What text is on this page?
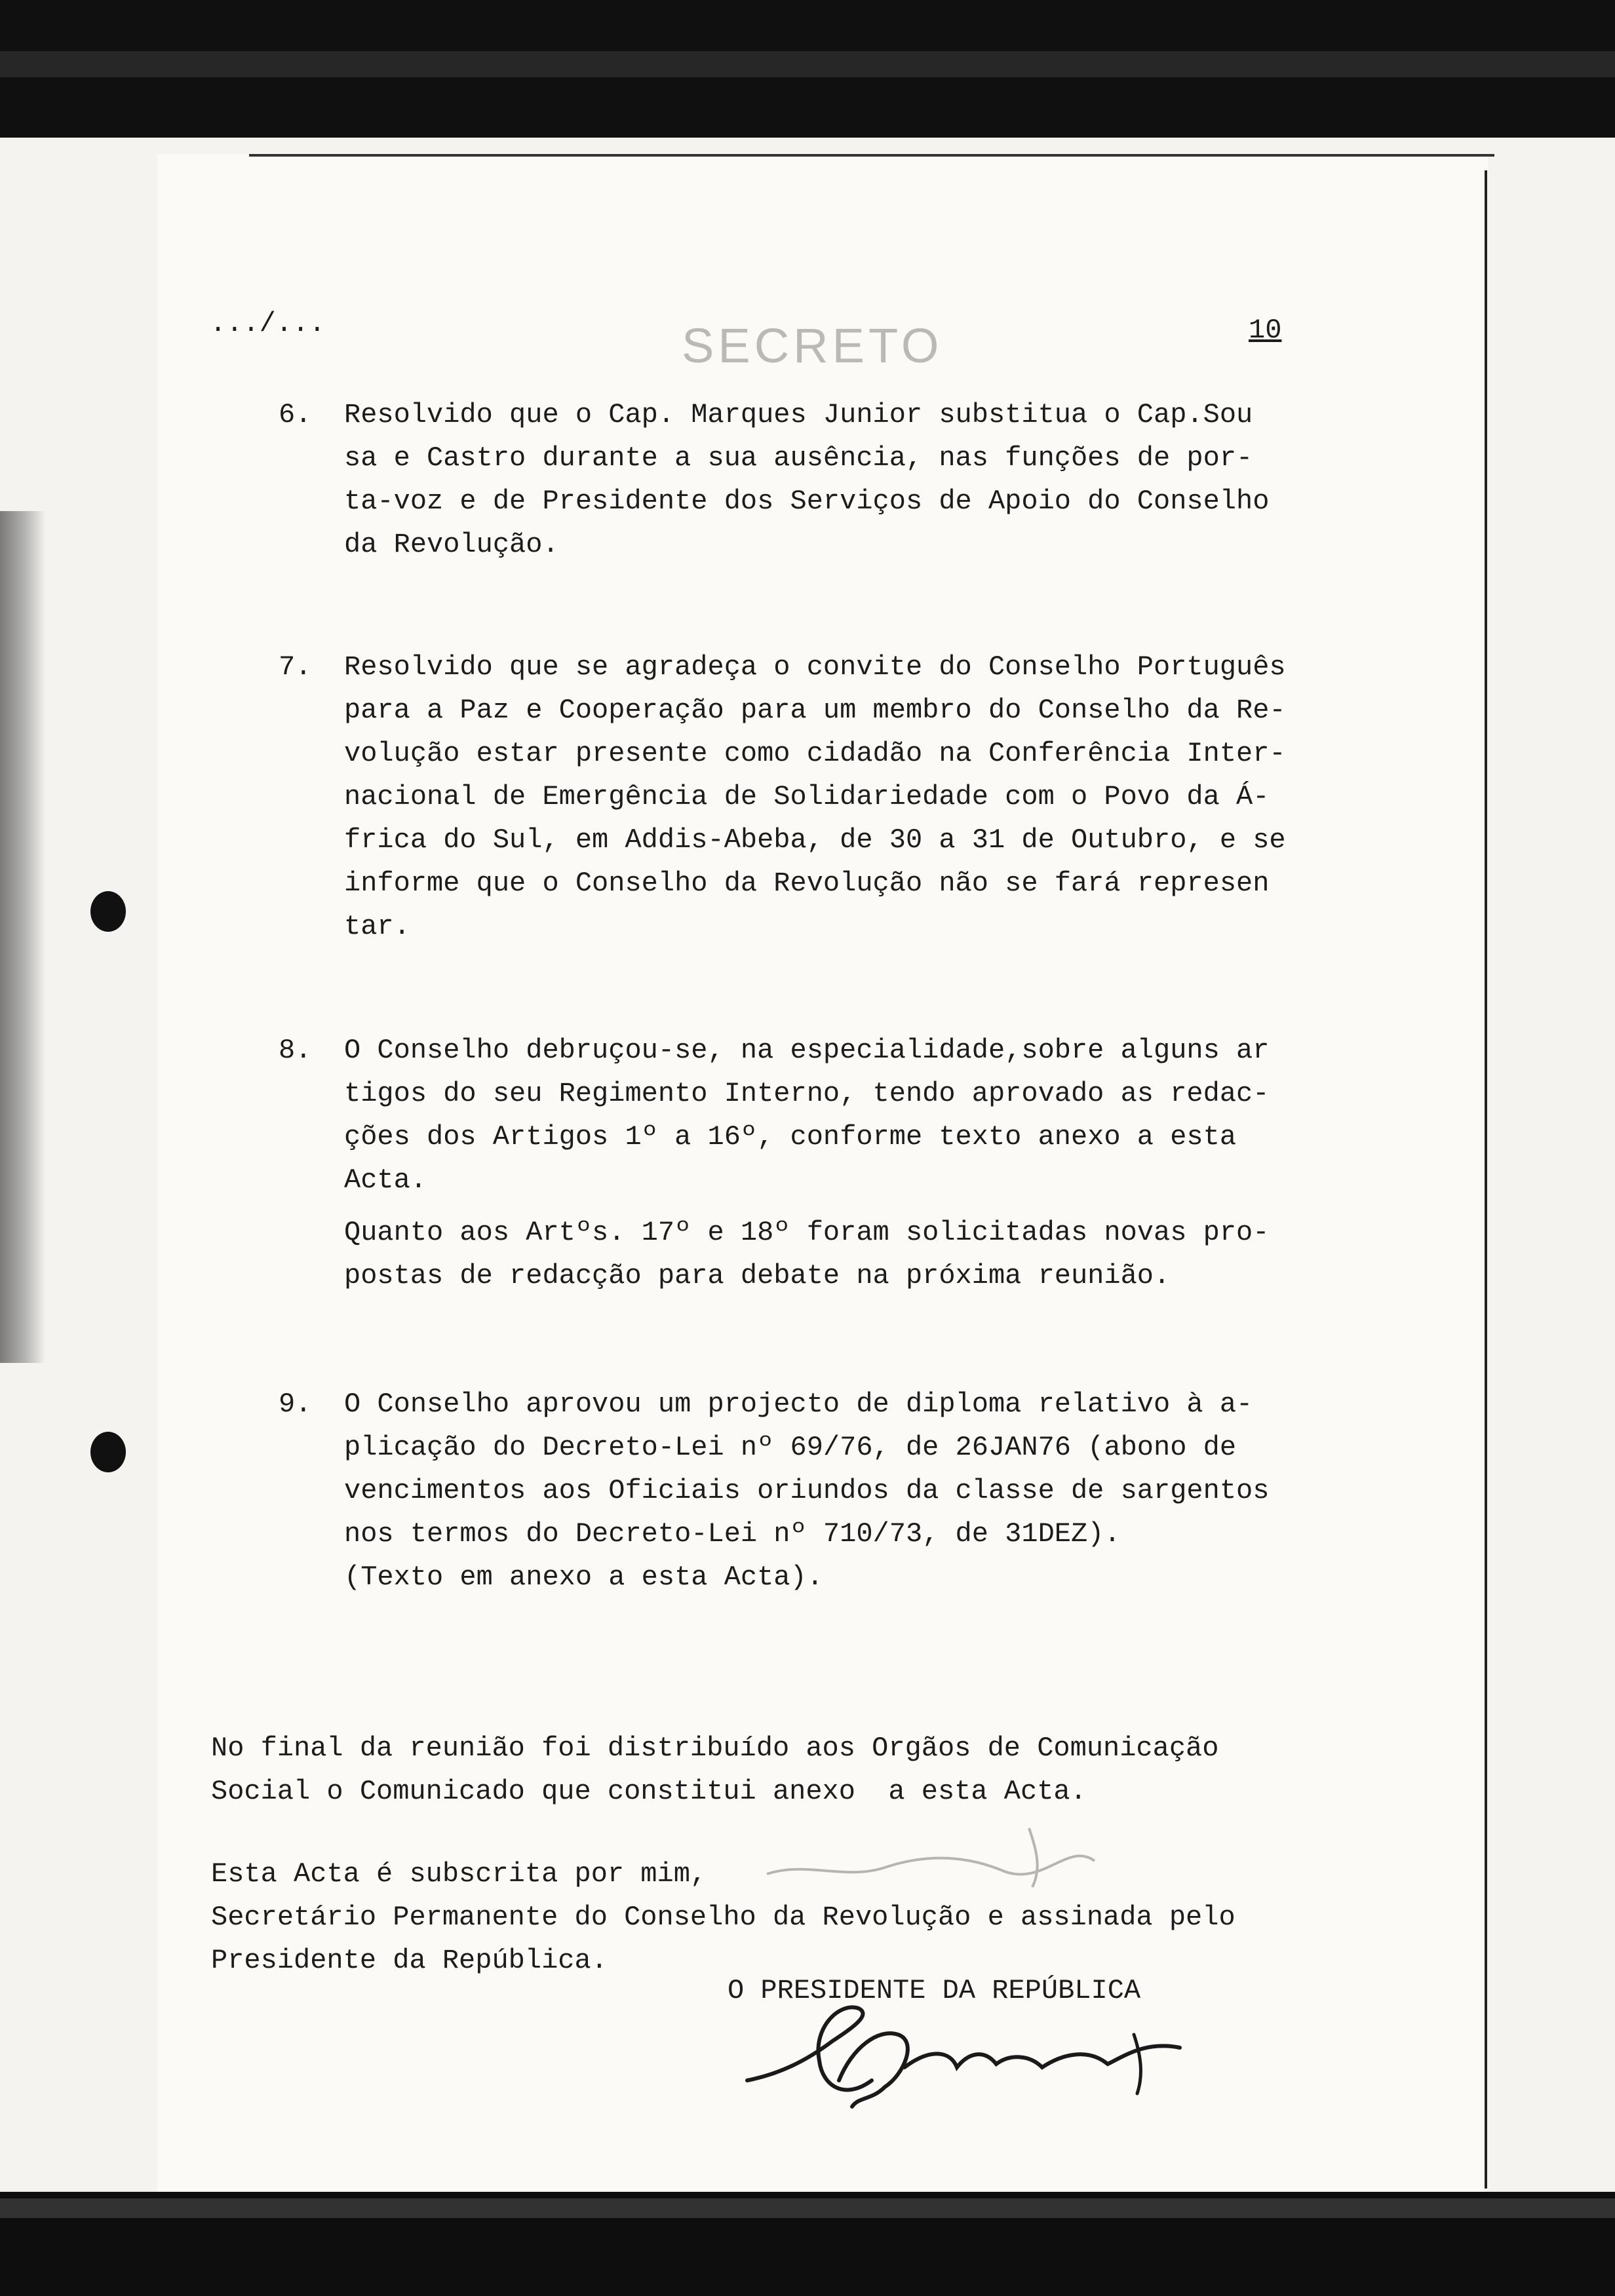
.../...	SECRETO	10
6. Resolvido que o Cap. Marques Junior substitua o Cap.Sou
sa e Castro durante a sua ausência, nas funções de por-
ta-voz e de Presidente dos Serviços de Apoio do Conselho
da Revolução.
7. Resolvido que se agradeça o convite do Conselho Português
para a Paz e Cooperação para um membro do Conselho da Re-
volução estar presente como cidadão na Conferência Inter-
nacional de Emergência de Solidariedade com o Povo da Á-
frica do Sul, em Addis-Abeba, de 30 a 31 de Outubro, e se
informe que o Conselho da Revolução não se fará represen
tar.
8. O Conselho debruçou-se, na especialidade,sobre alguns ar
tigos do seu Regimento Interno, tendo aprovado as redac-
ções dos Artigos 1º a 16º, conforme texto anexo a esta
Acta.
Quanto aos Artºs. 17º e 18º foram solicitadas novas pro-
postas de redacção para debate na próxima reunião.
9. O Conselho aprovou um projecto de diploma relativo à a-
plicação do Decreto-Lei nº 69/76, de 26JAN76 (abono de
vencimentos aos Oficiais oriundos da classe de sargentos
nos termos do Decreto-Lei nº 710/73, de 31DEZ).
(Texto em anexo a esta Acta).
No final da reunião foi distribuído aos Orgãos de Comunicação
Social o Comunicado que constitui anexo  a esta Acta.
Esta Acta é subscrita por mim,
Secretário Permanente do Conselho da Revolução e assinada pelo
Presidente da República.
O PRESIDENTE DA REPÚBLICA
